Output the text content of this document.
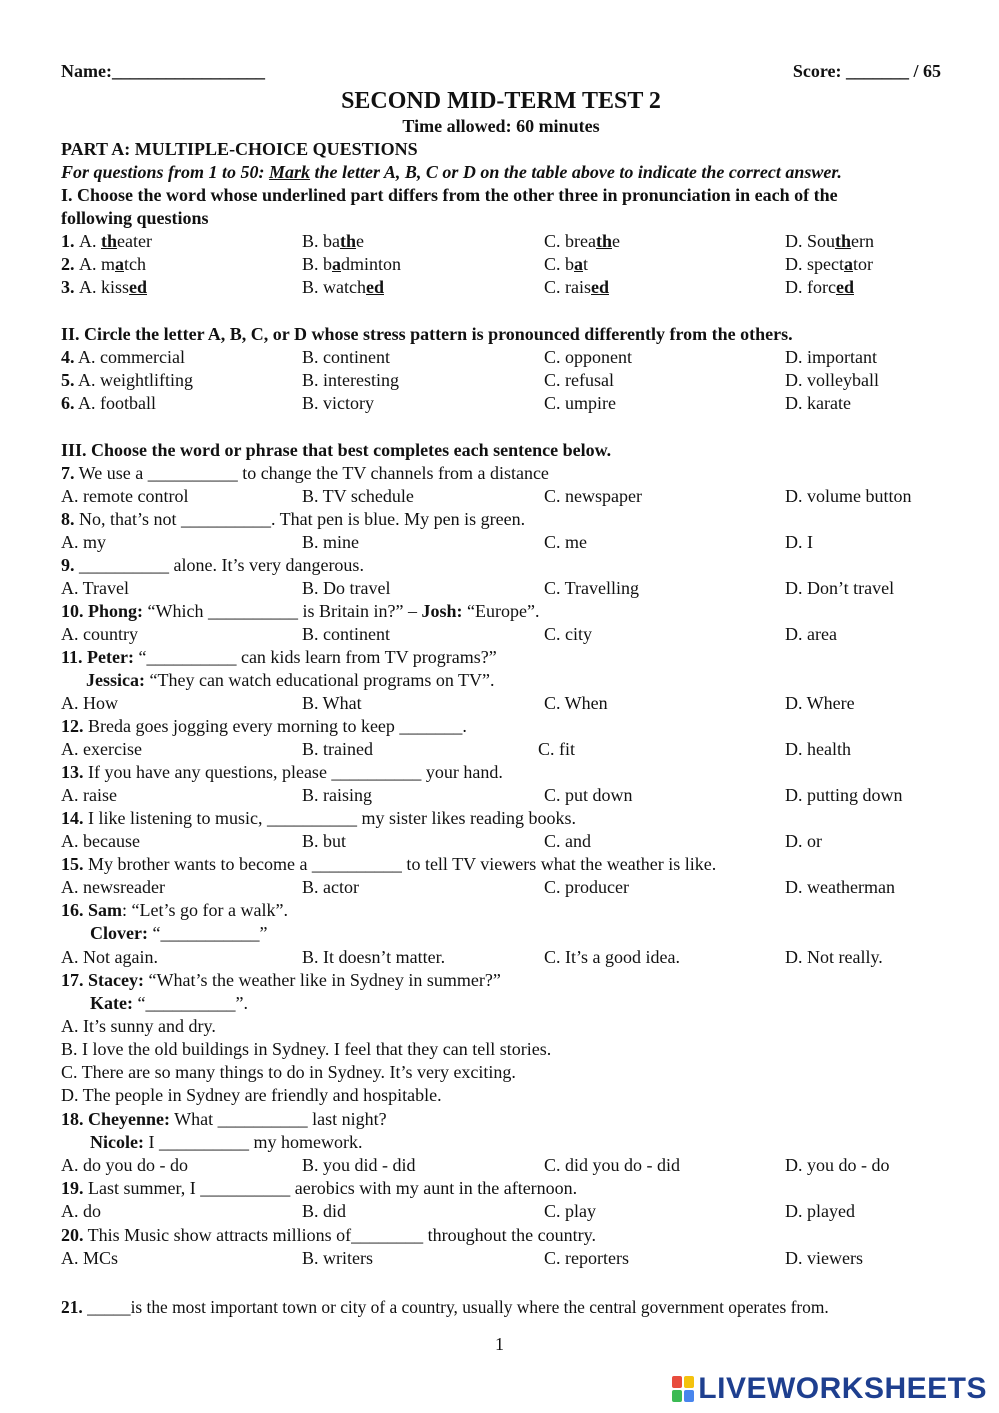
Name:_________________	Score: _______ / 65
SECOND MID-TERM TEST 2
Time allowed: 60 minutes
PART A: MULTIPLE-CHOICE QUESTIONS
For questions from 1 to 50: Mark the letter A, B, C or D on the table above to indicate the correct answer.
I. Choose the word whose underlined part differs from the other three in pronunciation in each of the
following questions
1. A. theater	B. bathe	C. breathe	D. Southern
2. A. match	B. badminton	C. bat	D. spectator
3. A. kissed	B. watched	C. raised	D. forced
II. Circle the letter A, B, C, or D whose stress pattern is pronounced differently from the others.
4. A. commercial	B. continent	C. opponent	D. important
5. A. weightlifting	B. interesting	C. refusal	D. volleyball
6. A. football	B. victory	C. umpire	D. karate
III. Choose the word or phrase that best completes each sentence below.
7. We use a __________ to change the TV channels from a distance
A. remote control	B. TV schedule	C. newspaper	D. volume button
8. No, that’s not __________. That pen is blue. My pen is green.
A. my	B. mine	C. me	D. I
9. __________ alone. It’s very dangerous.
A. Travel	B. Do travel	C. Travelling	D. Don’t travel
10. Phong: “Which __________ is Britain in?” – Josh: “Europe”.
A. country	B. continent	C. city	D. area
11. Peter: “__________ can kids learn from TV programs?”
Jessica: “They can watch educational programs on TV”.
A. How	B. What	C. When	D. Where
12. Breda goes jogging every morning to keep _______.
A. exercise	B. trained	C. fit	D. health
13. If you have any questions, please __________ your hand.
A. raise	B. raising	C. put down	D. putting down
14. I like listening to music, __________ my sister likes reading books.
A. because	B. but	C. and	D. or
15. My brother wants to become a __________ to tell TV viewers what the weather is like.
A. newsreader	B. actor	C. producer	D. weatherman
16. Sam: “Let’s go for a walk”.
Clover: “___________”
A. Not again.	B. It doesn’t matter.	C. It’s a good idea.	D. Not really.
17. Stacey: “What’s the weather like in Sydney in summer?”
Kate: “__________”.
A. It’s sunny and dry.
B. I love the old buildings in Sydney. I feel that they can tell stories.
C. There are so many things to do in Sydney. It’s very exciting.
D. The people in Sydney are friendly and hospitable.
18. Cheyenne: What __________ last night?
Nicole: I __________ my homework.
A. do you do - do	B. you did - did	C. did you do - did	D. you do - do
19. Last summer, I __________ aerobics with my aunt in the afternoon.
A. do	B. did	C. play	D. played
20. This Music show attracts millions of________ throughout the country.
A. MCs	B. writers	C. reporters	D. viewers
21. _____is the most important town or city of a country, usually where the central government operates from.
1
LIVEWORKSHEETS
